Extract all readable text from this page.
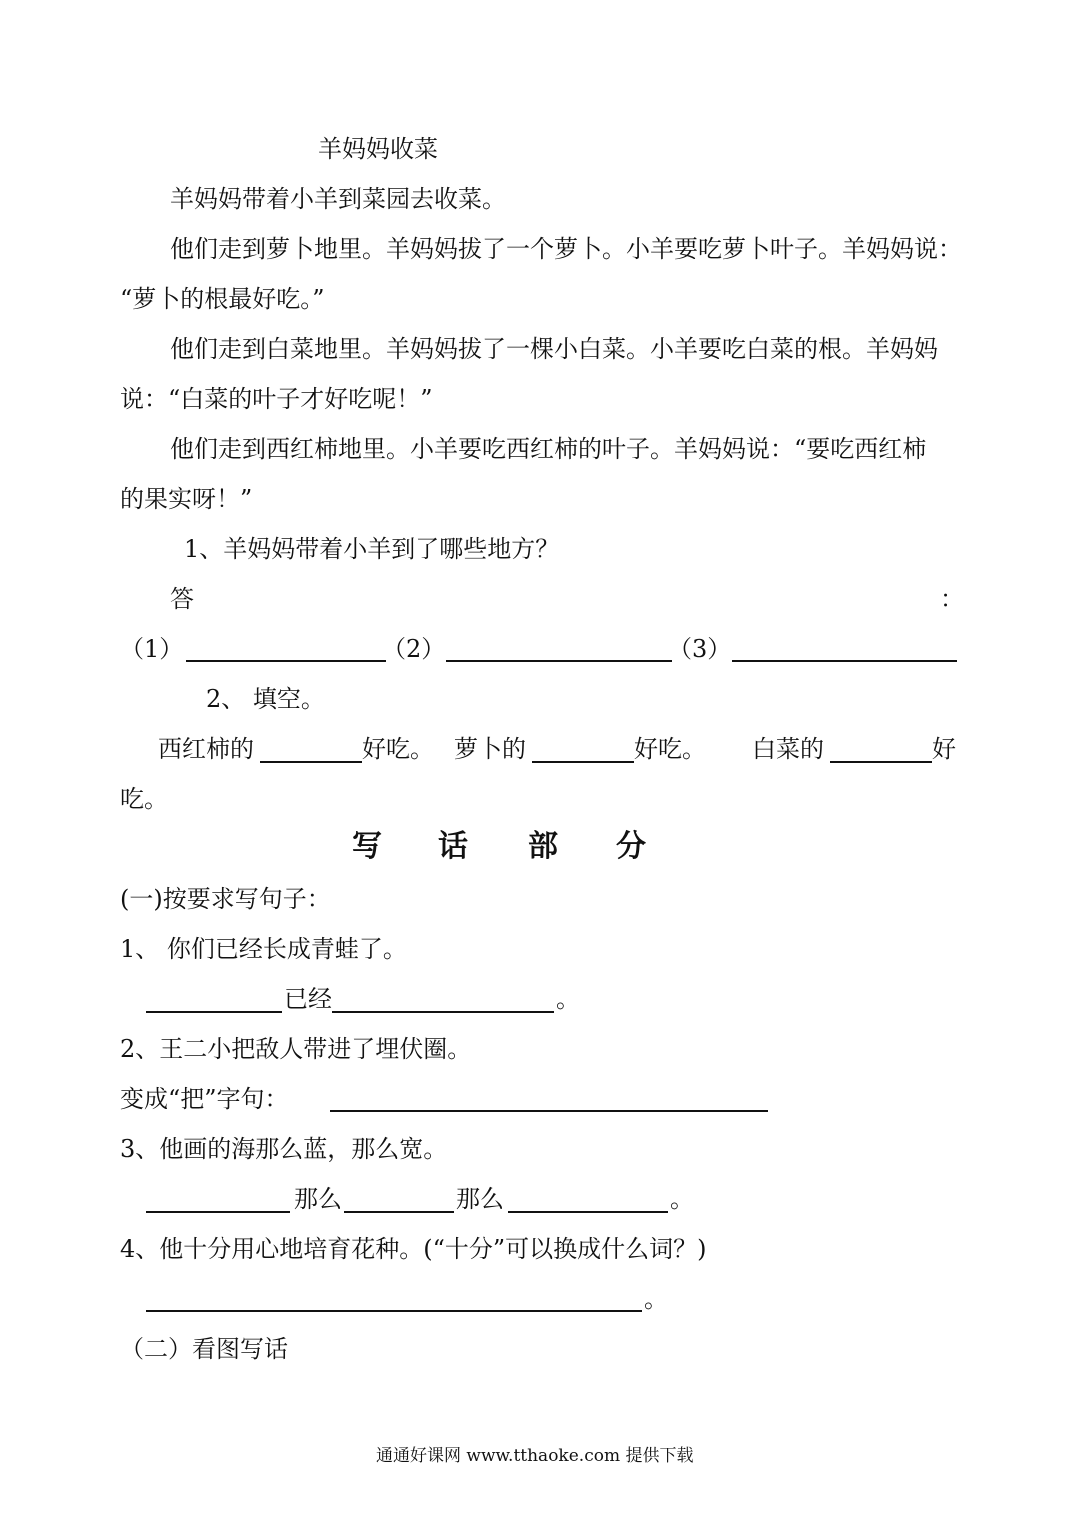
羊妈妈收菜
羊妈妈带着小羊到菜园去收菜。
他们走到萝卜地里。羊妈妈拔了一个萝卜。小羊要吃萝卜叶子。羊妈妈说：
“萝卜的根最好吃。”
他们走到白菜地里。羊妈妈拔了一棵小白菜。小羊要吃白菜的根。羊妈妈
说：“白菜的叶子才好吃呢！”
他们走到西红柿地里。小羊要吃西红柿的叶子。羊妈妈说：“要吃西红柿
的果实呀！”
1、羊妈妈带着小羊到了哪些地方？
答	：
（1）	（2）	（3）
2、 填空。
西红柿的	好吃。 萝卜的	好吃。 白菜的	好
吃。
写 话 部 分
(一)按要求写句子：
1、 你们已经长成青蛙了。
已经	。
2、王二小把敌人带进了埋伏圈。
变成“把”字句：
3、他画的海那么蓝，那么宽。
那么	那么	。
4、他十分用心地培育花种。(“十分”可以换成什么词？)
。
（二）看图写话
通通好课网 www.tthaoke.com 提供下载
